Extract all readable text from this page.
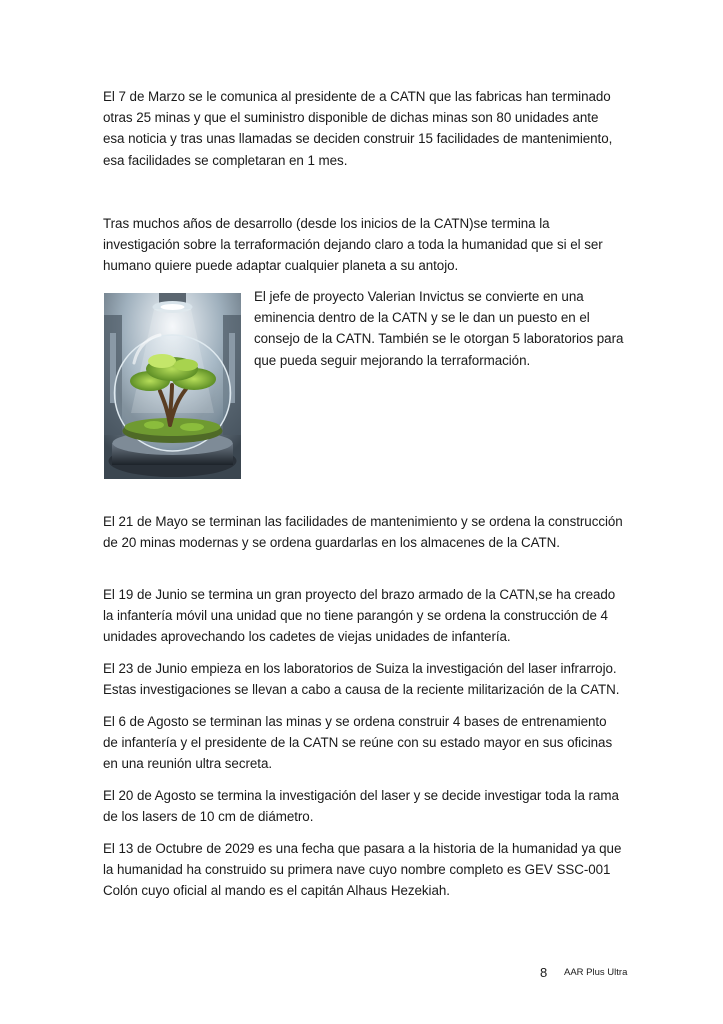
El 7 de Marzo se le comunica al presidente de a CATN que las fabricas han terminado otras 25 minas y que el suministro disponible de dichas minas son 80 unidades ante esa noticia y tras unas llamadas se deciden construir 15 facilidades de mantenimiento, esa facilidades se completaran en 1 mes.

Tras muchos años de desarrollo (desde los inicios de la CATN)se termina la investigación sobre la terraformación dejando claro a toda la humanidad que si el ser humano quiere puede adaptar cualquier planeta a su antojo.

El jefe de proyecto Valerian Invictus se convierte en una eminencia dentro de la CATN y se le dan un puesto en el consejo de la CATN. También se le otorgan 5 laboratorios para que pueda seguir mejorando la terraformación.

El 21 de Mayo se terminan las facilidades de mantenimiento y se ordena la construcción de 20 minas modernas y se ordena guardarlas en los almacenes de la CATN.

El 19 de Junio se termina un gran proyecto del brazo armado de la CATN,se ha creado la infantería móvil una unidad que no tiene parangón y se ordena la construcción de 4 unidades aprovechando los cadetes de viejas unidades de infantería.

El 23 de Junio empieza en los laboratorios de Suiza la investigación del laser infrarrojo. Estas investigaciones se llevan a cabo a causa de la reciente militarización de la CATN.

El 6 de Agosto se terminan las minas y se ordena construir 4 bases de entrenamiento de infantería y el presidente de la CATN se reúne con su estado mayor en sus oficinas en una reunión ultra secreta.

El 20 de Agosto se termina la investigación del laser y se decide investigar toda la rama de los lasers de 10 cm de diámetro.

El 13 de Octubre de 2029 es una fecha que pasara a la historia de la humanidad ya que la humanidad ha construido su primera nave cuyo nombre completo es GEV SSC-001 Colón cuyo oficial al mando es el capitán Alhaus Hezekiah.

8 AAR Plus Ultra
